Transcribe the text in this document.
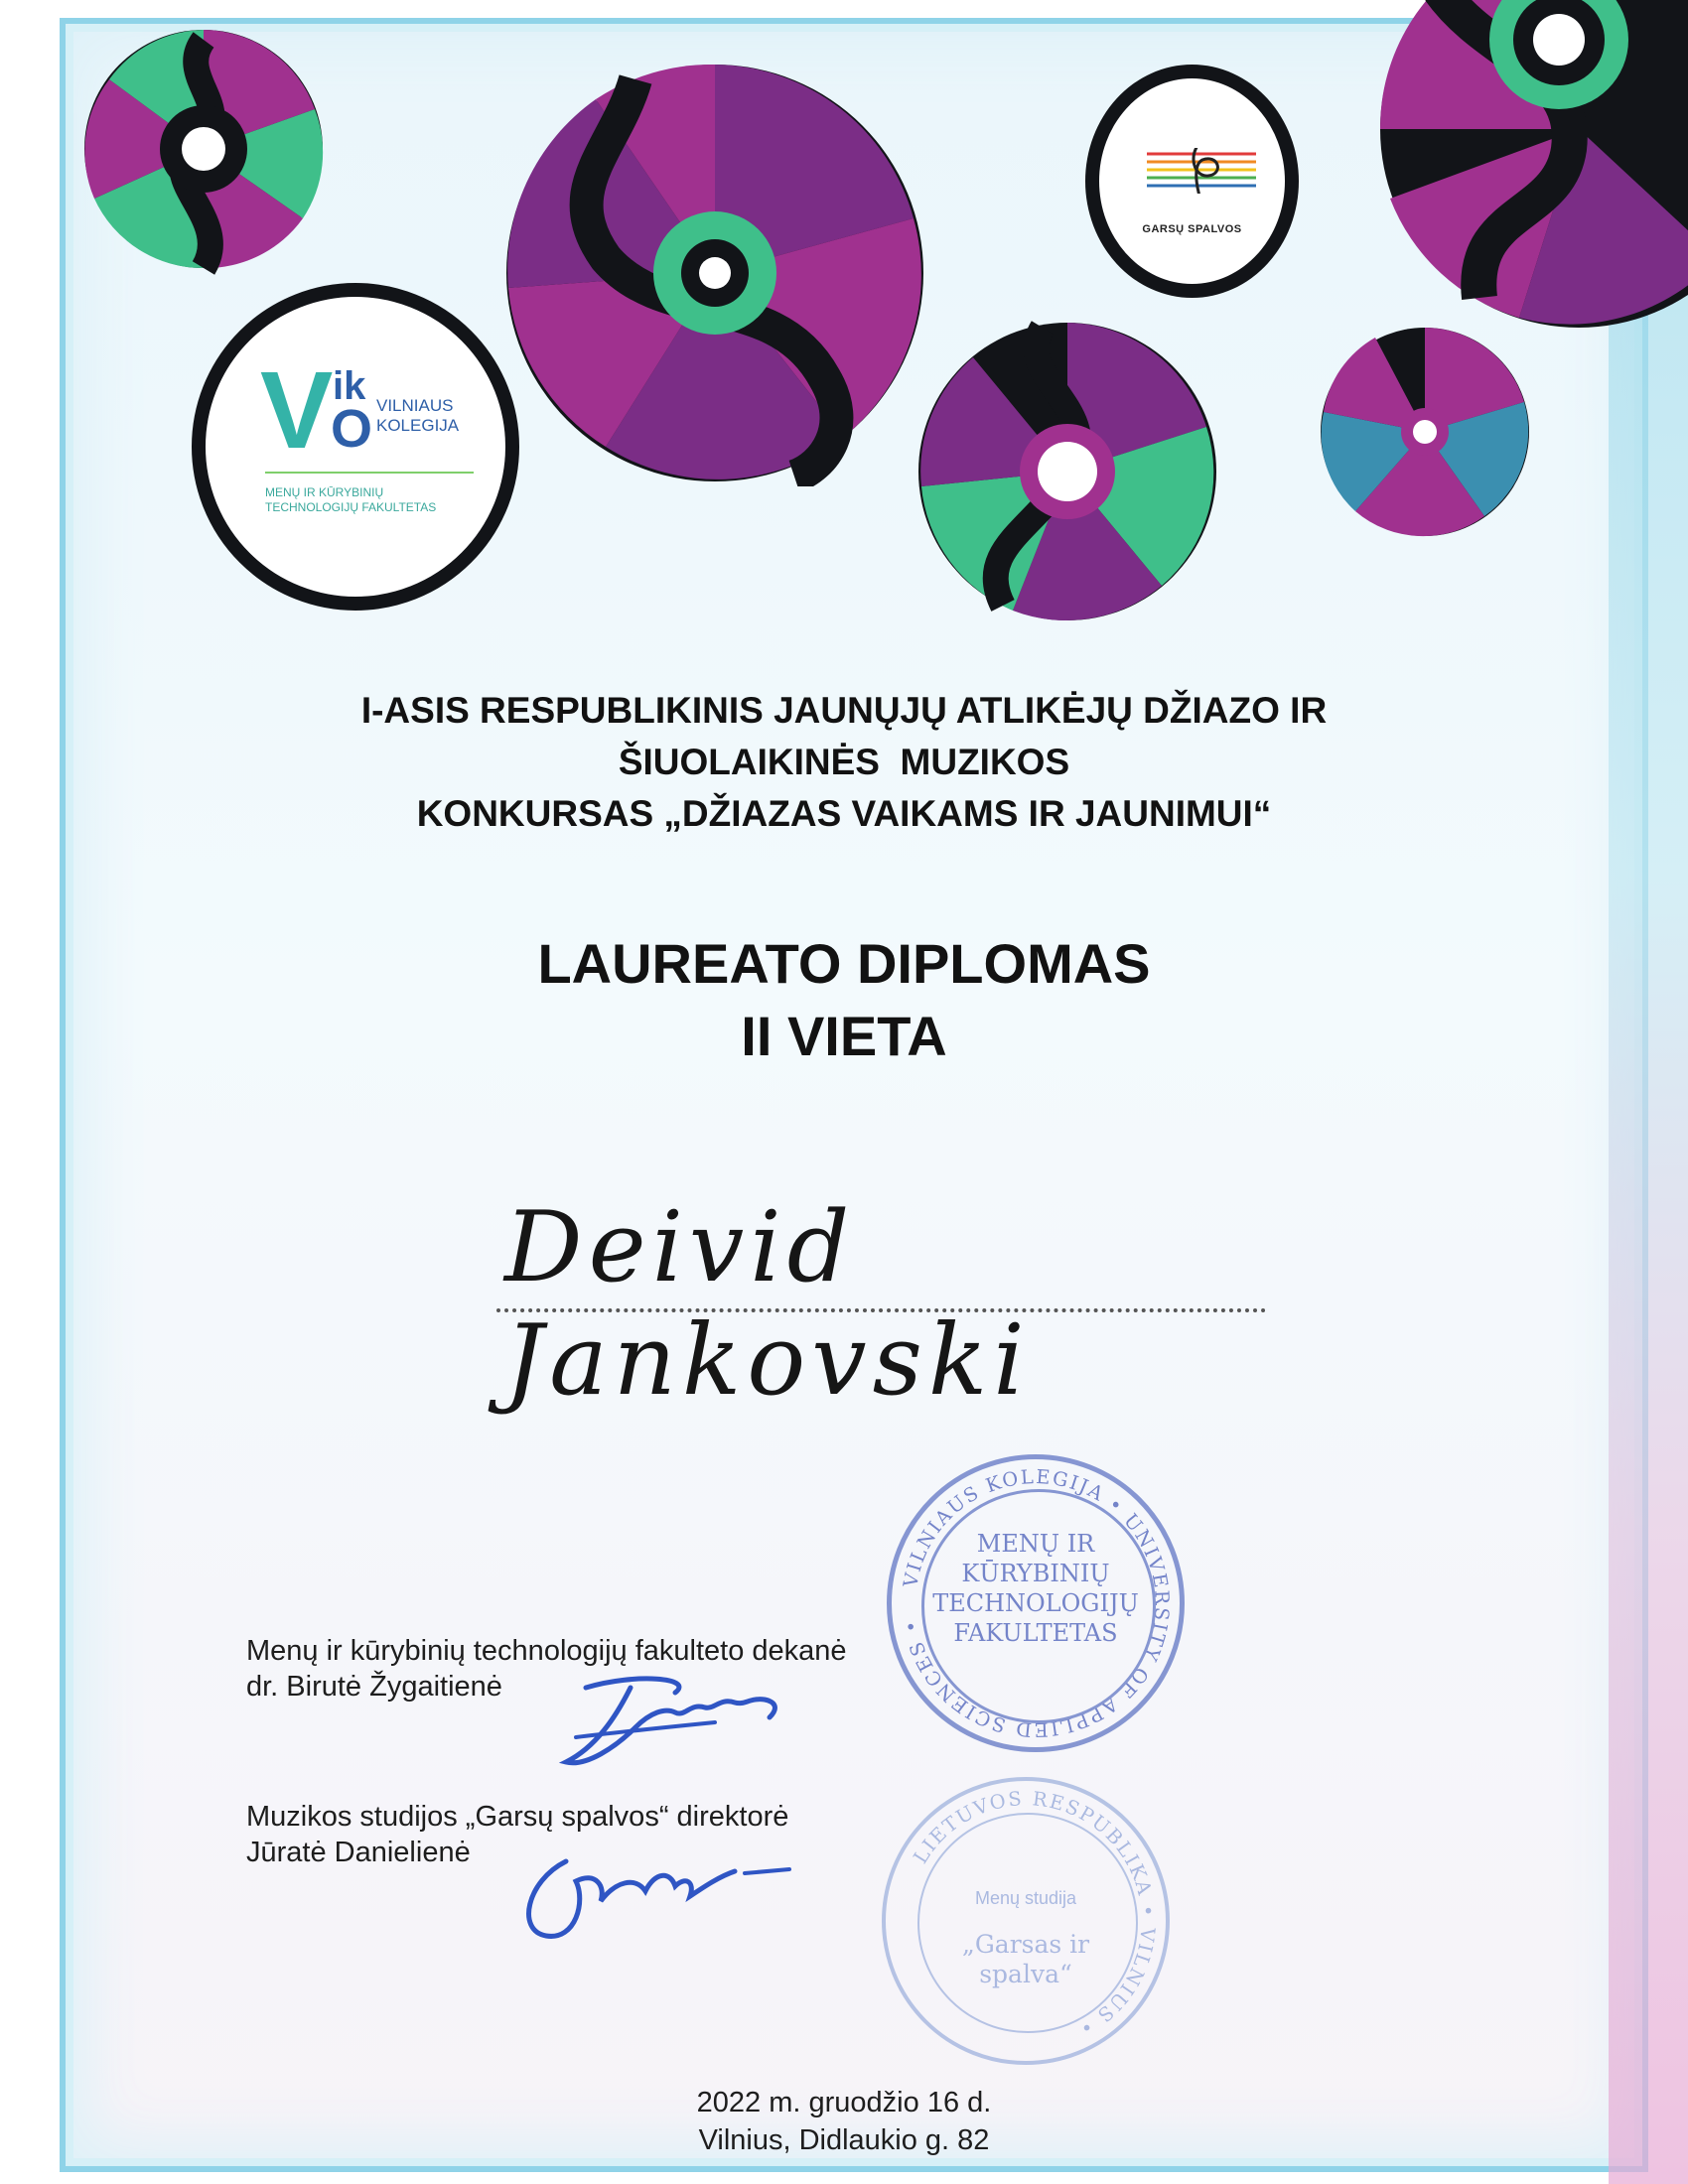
V ik
O VILNIAUS KOLEGIJA
MENŲ IR KŪRYBINIŲ TECHNOLOGIJŲ FAKULTETAS
GARSŲ SPALVOS
I-ASIS RESPUBLIKINIS JAUNŲJŲ ATLIKĖJŲ DŽIAZO IR
ŠIUOLAIKINĖS  MUZIKOS
KONKURSAS „DŽIAZAS VAIKAMS IR JAUNIMUI“
LAUREATO DIPLOMAS
II VIETA
Deivid Jankovski
VILNIAUS KOLEGIJA • UNIVERSITY OF APPLIED SCIENCES •
MENŲ IR
KŪRYBINIŲ
TECHNOLOGIJŲ
FAKULTETAS
LIETUVOS RESPUBLIKA • VILNIUS •
Menų studija
„Garsas ir
spalva“
Menų ir kūrybinių technologijų fakulteto dekanė
dr. Birutė Žygaitienė
Muzikos studijos „Garsų spalvos“ direktorė
Jūratė Danielienė
2022 m. gruodžio 16 d.
Vilnius, Didlaukio g. 82
